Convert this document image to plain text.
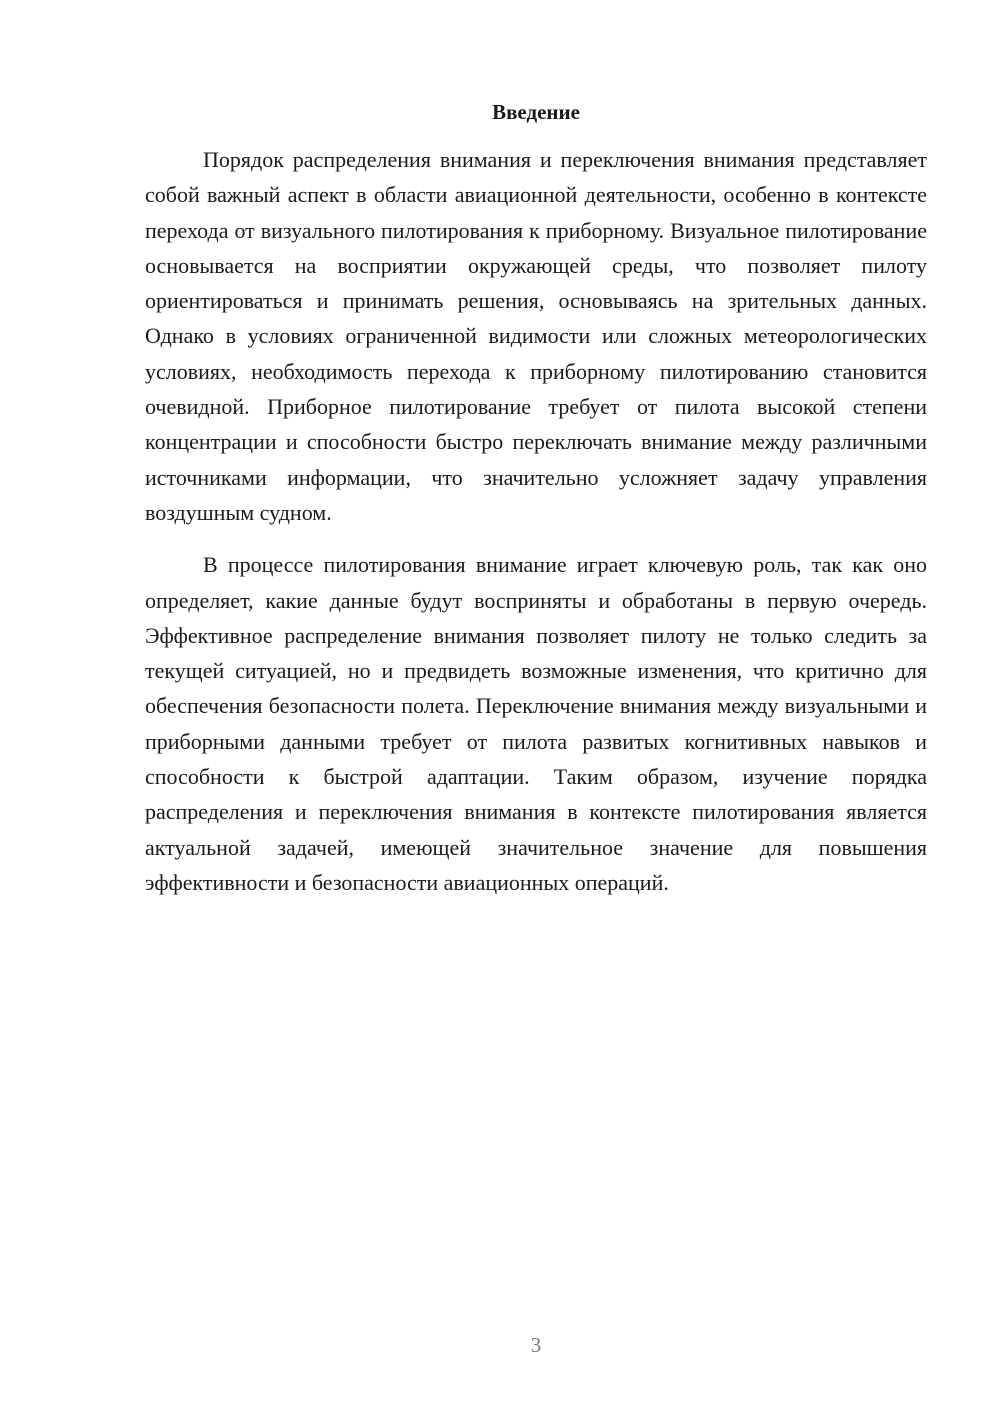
Введение

Порядок распределения внимания и переключения внимания представляет собой важный аспект в области авиационной деятельности, особенно в контексте перехода от визуального пилотирования к приборному. Визуальное пилотирование основывается на восприятии окружающей среды, что позволяет пилоту ориентироваться и принимать решения, основываясь на зрительных данных. Однако в условиях ограниченной видимости или сложных метеорологических условиях, необходимость перехода к приборному пилотированию становится очевидной. Приборное пилотирование требует от пилота высокой степени концентрации и способности быстро переключать внимание между различными источниками информации, что значительно усложняет задачу управления воздушным судном.

В процессе пилотирования внимание играет ключевую роль, так как оно определяет, какие данные будут восприняты и обработаны в первую очередь. Эффективное распределение внимания позволяет пилоту не только следить за текущей ситуацией, но и предвидеть возможные изменения, что критично для обеспечения безопасности полета. Переключение внимания между визуальными и приборными данными требует от пилота развитых когнитивных навыков и способности к быстрой адаптации. Таким образом, изучение порядка распределения и переключения внимания в контексте пилотирования является актуальной задачей, имеющей значительное значение для повышения эффективности и безопасности авиационных операций.

3
